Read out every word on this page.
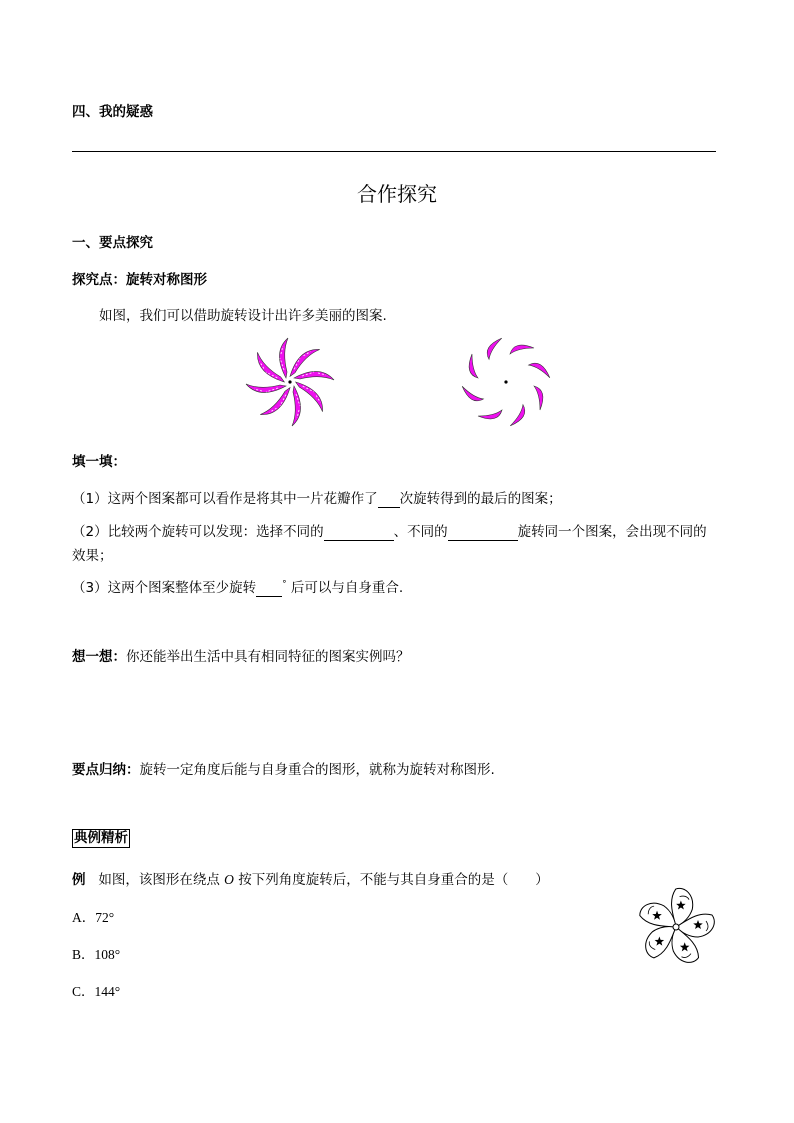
四、我的疑惑
合作探究
一、要点探究
探究点：旋转对称图形
如图，我们可以借助旋转设计出许多美丽的图案.
填一填：
（1）这两个图案都可以看作是将其中一片花瓣作了 次旋转得到的最后的图案；
（2）比较两个旋转可以发现：选择不同的	、不同的	旋转同一个图案，会出现不同的
效果；
（3）这两个图案整体至少旋转	° 后可以与自身重合.
想一想：你还能举出生活中具有相同特征的图案实例吗？
要点归纳：旋转一定角度后能与自身重合的图形，就称为旋转对称图形.
典例精析
例 如图，该图形在绕点 O 按下列角度旋转后，不能与其自身重合的是（　　）
A．72°
B．108°
C．144°
